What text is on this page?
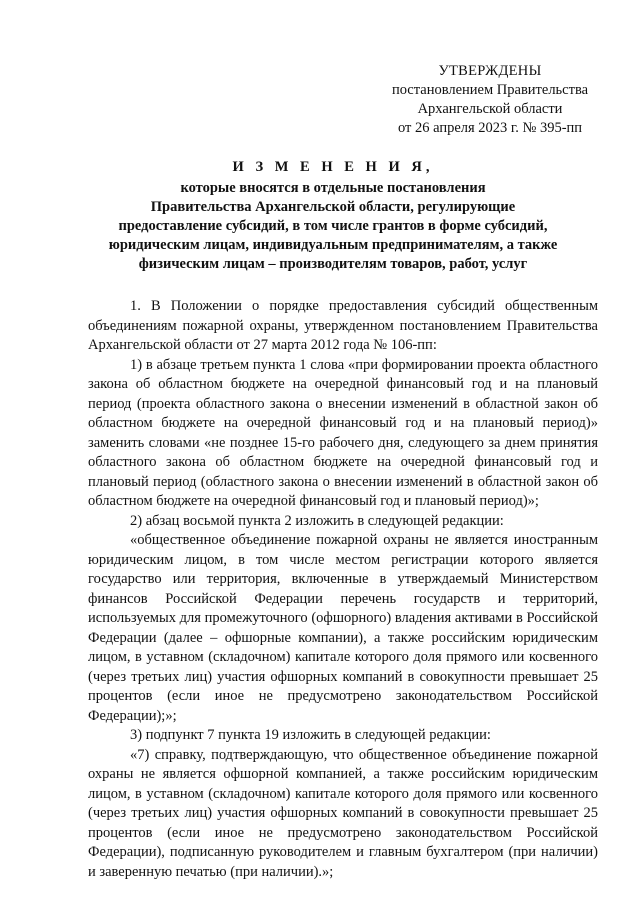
УТВЕРЖДЕНЫ
постановлением Правительства
Архангельской области
от 26 апреля 2023 г. № 395-пп
И З М Е Н Е Н И Я,
которые вносятся в отдельные постановления
Правительства Архангельской области, регулирующие
предоставление субсидий, в том числе грантов в форме субсидий,
юридическим лицам, индивидуальным предпринимателям, а также
физическим лицам – производителям товаров, работ, услуг

1. В Положении о порядке предоставления субсидий общественным объединениям пожарной охраны, утвержденном постановлением Правительства Архангельской области от 27 марта 2012 года № 106-пп:

1) в абзаце третьем пункта 1 слова «при формировании проекта областного закона об областном бюджете на очередной финансовый год и на плановый период (проекта областного закона о внесении изменений в областной закон об областном бюджете на очередной финансовый год и на плановый период)» заменить словами «не позднее 15-го рабочего дня, следующего за днем принятия областного закона об областном бюджете на очередной финансовый год и плановый период (областного закона о внесении изменений в областной закон об областном бюджете на очередной финансовый год и плановый период)»;

2) абзац восьмой пункта 2 изложить в следующей редакции:

«общественное объединение пожарной охраны не является иностранным юридическим лицом, в том числе местом регистрации которого является государство или территория, включенные в утверждаемый Министерством финансов Российской Федерации перечень государств и территорий, используемых для промежуточного (офшорного) владения активами в Российской Федерации (далее – офшорные компании), а также российским юридическим лицом, в уставном (складочном) капитале которого доля прямого или косвенного (через третьих лиц) участия офшорных компаний в совокупности превышает 25 процентов (если иное не предусмотрено законодательством Российской Федерации);»;

3) подпункт 7 пункта 19 изложить в следующей редакции:

«7) справку, подтверждающую, что общественное объединение пожарной охраны не является офшорной компанией, а также российским юридическим лицом, в уставном (складочном) капитале которого доля прямого или косвенного (через третьих лиц) участия офшорных компаний в совокупности превышает 25 процентов (если иное не предусмотрено законодательством Российской Федерации), подписанную руководителем и главным бухгалтером (при наличии) и заверенную печатью (при наличии).»;
